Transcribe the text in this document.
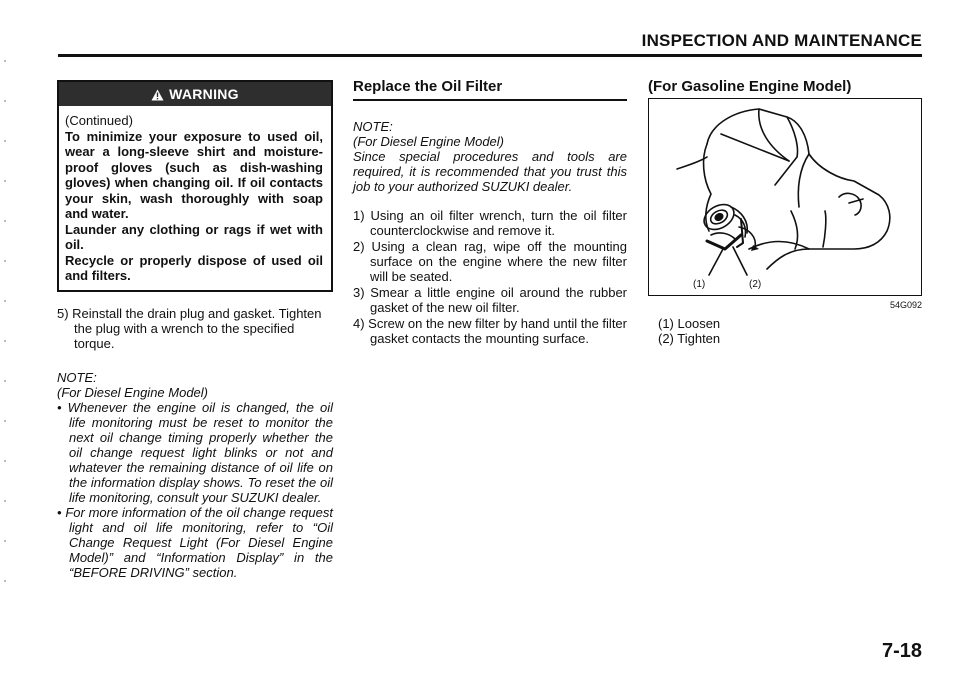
INSPECTION AND MAINTENANCE
WARNING
(Continued)
To minimize your exposure to used oil, wear a long-sleeve shirt and moisture-proof gloves (such as dish-washing gloves) when changing oil. If oil contacts your skin, wash thoroughly with soap and water.
Launder any clothing or rags if wet with oil.
Recycle or properly dispose of used oil and filters.
5) Reinstall the drain plug and gasket. Tighten the plug with a wrench to the specified torque.
NOTE:
(For Diesel Engine Model)
• Whenever the engine oil is changed, the oil life monitoring must be reset to monitor the next oil change timing properly whether the oil change request light blinks or not and whatever the remaining distance of oil life on the information display shows. To reset the oil life monitoring, consult your SUZUKI dealer.
• For more information of the oil change request light and oil life monitoring, refer to “Oil Change Request Light (For Diesel Engine Model)” and “Information Display” in the “BEFORE DRIVING” section.
Replace the Oil Filter
NOTE:
(For Diesel Engine Model)
Since special procedures and tools are required, it is recommended that you trust this job to your authorized SUZUKI dealer.
1) Using an oil filter wrench, turn the oil filter counterclockwise and remove it.
2) Using a clean rag, wipe off the mounting surface on the engine where the new filter will be seated.
3) Smear a little engine oil around the rubber gasket of the new oil filter.
4) Screw on the new filter by hand until the filter gasket contacts the mounting surface.
(For Gasoline Engine Model)
(1)	(2)
54G092
(1) Loosen
(2) Tighten
7-18
